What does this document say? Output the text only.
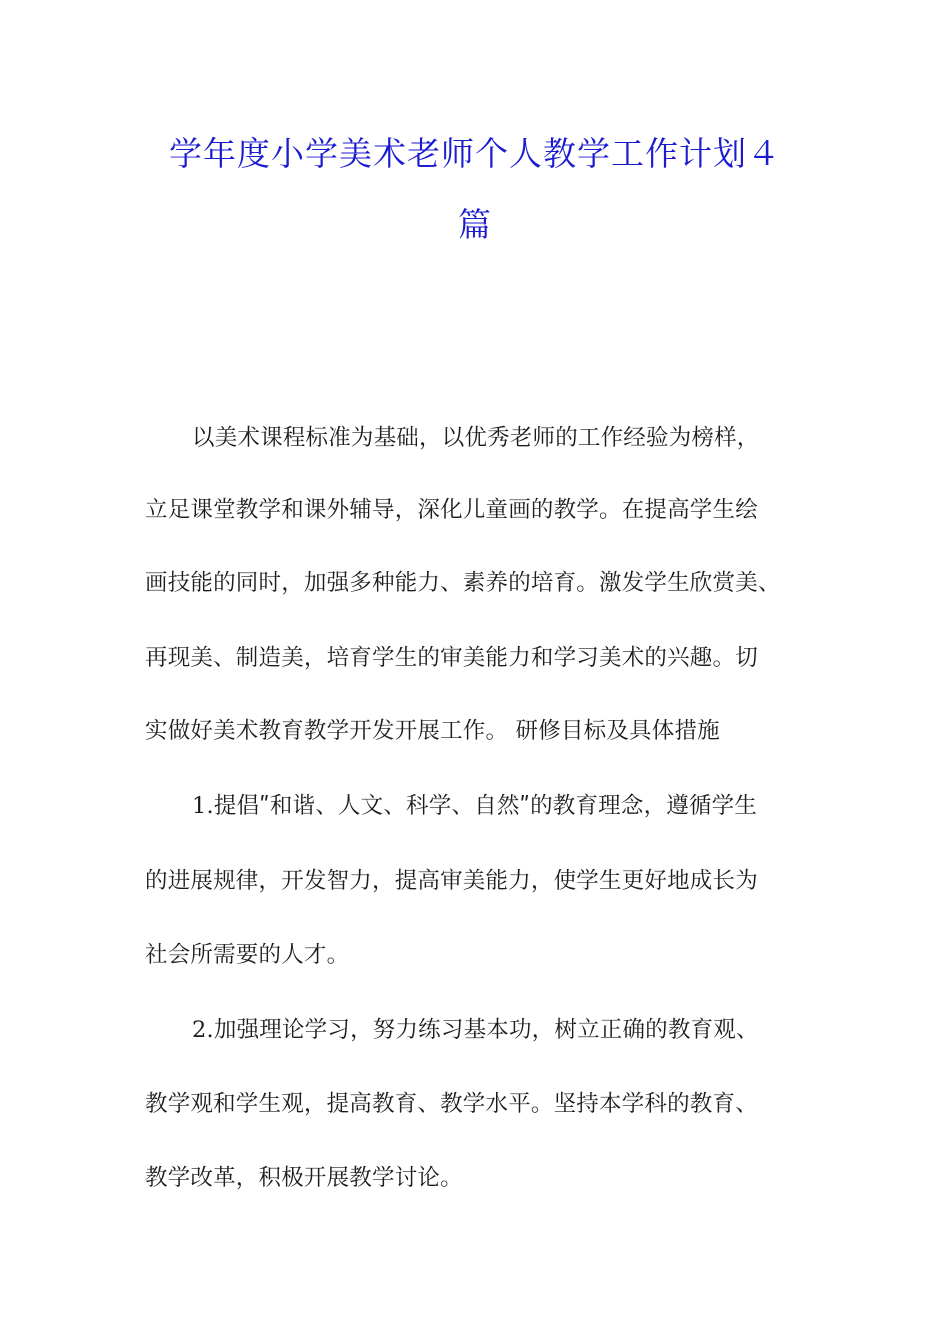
学年度小学美术老师个人教学工作计划４
篇

以美术课程标准为基础，以优秀老师的工作经验为榜样，

立足课堂教学和课外辅导，深化儿童画的教学。在提高学生绘

画技能的同时，加强多种能力、素养的培育。激发学生欣赏美、

再现美、制造美，培育学生的审美能力和学习美术的兴趣。切

实做好美术教育教学开发开展工作。 研修目标及具体措施

1.提倡ʺ和谐、人文、科学、自然ʺ的教育理念，遵循学生

的进展规律，开发智力，提高审美能力，使学生更好地成长为

社会所需要的人才。

2.加强理论学习，努力练习基本功，树立正确的教育观、

教学观和学生观，提高教育、教学水平。坚持本学科的教育、

教学改革，积极开展教学讨论。
